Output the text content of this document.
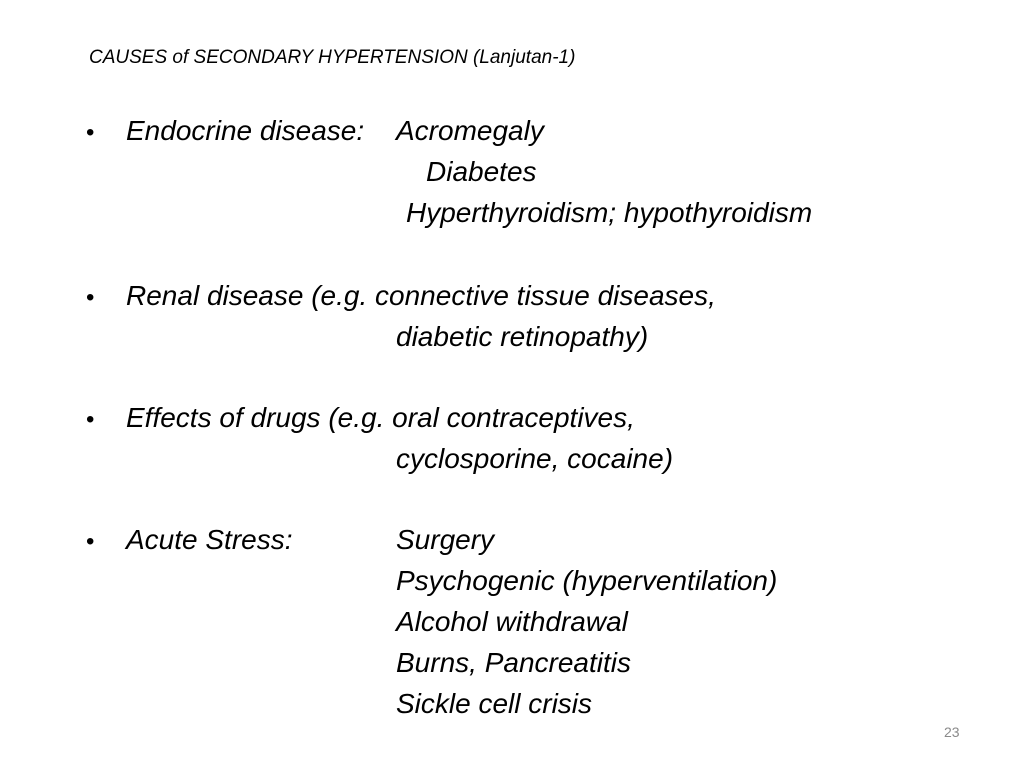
CAUSES of SECONDARY HYPERTENSION (Lanjutan-1)
• Endocrine disease: Acromegaly
Diabetes
Hyperthyroidism; hypothyroidism
• Renal disease (e.g. connective tissue diseases,
diabetic retinopathy)
• Effects of drugs (e.g. oral contraceptives,
cyclosporine, cocaine)
• Acute Stress:	Surgery
Psychogenic (hyperventilation)
Alcohol withdrawal
Burns, Pancreatitis
Sickle cell crisis
23
